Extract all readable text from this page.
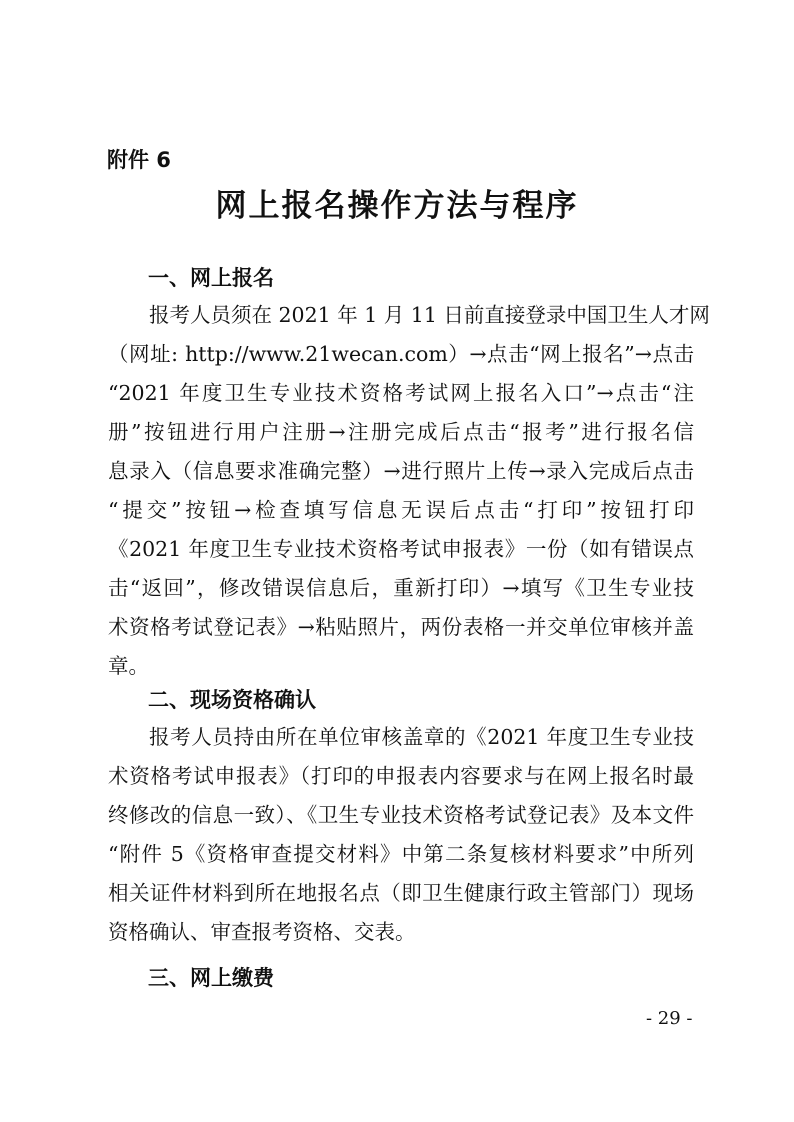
附件 6
网上报名操作方法与程序
一、网上报名
报考人员须在 2021 年 1 月 11 日前直接登录中国卫生人才网
（网址: http://www.21wecan.com）→点击“网上报名”→点击
“2021 年度卫生专业技术资格考试网上报名入口”→点击“注
册”按钮进行用户注册→注册完成后点击“报考”进行报名信
息录入（信息要求准确完整）→进行照片上传→录入完成后点击
“提交”按钮→检查填写信息无误后点击“打印”按钮打印
《2021 年度卫生专业技术资格考试申报表》一份（如有错误点
击“返回”，修改错误信息后，重新打印）→填写《卫生专业技
术资格考试登记表》→粘贴照片，两份表格一并交单位审核并盖
章。
二、现场资格确认
报考人员持由所在单位审核盖章的《2021 年度卫生专业技
术资格考试申报表》（打印的申报表内容要求与在网上报名时最
终修改的信息一致）、《卫生专业技术资格考试登记表》及本文件
“附件 5《资格审查提交材料》中第二条复核材料要求”中所列
相关证件材料到所在地报名点（即卫生健康行政主管部门）现场
资格确认、审查报考资格、交表。
三、网上缴费
- 29 -
